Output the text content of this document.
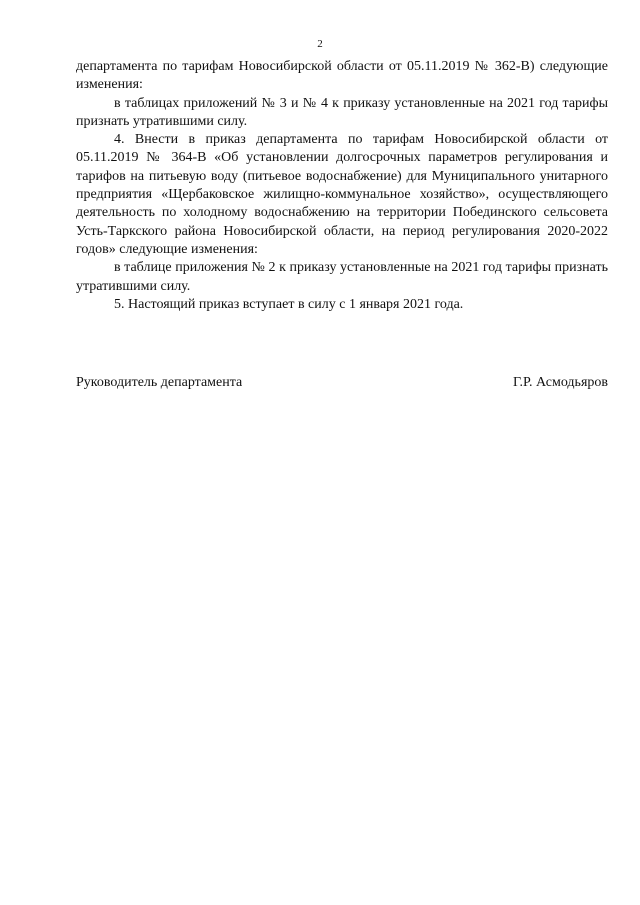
2

департамента по тарифам Новосибирской области от 05.11.2019 № 362-В) следующие изменения:

в таблицах приложений № 3 и № 4 к приказу установленные на 2021 год тарифы признать утратившими силу.

4. Внести в приказ департамента по тарифам Новосибирской области от 05.11.2019 № 364-В «Об установлении долгосрочных параметров регулирования и тарифов на питьевую воду (питьевое водоснабжение) для Муниципального унитарного предприятия «Щербаковское жилищно-коммунальное хозяйство», осуществляющего деятельность по холодному водоснабжению на территории Побединского сельсовета Усть-Таркского района Новосибирской области, на период регулирования 2020-2022 годов» следующие изменения:

в таблице приложения № 2 к приказу установленные на 2021 год тарифы признать утратившими силу.

5. Настоящий приказ вступает в силу с 1 января 2021 года.

Руководитель департамента	Г.Р. Асмодьяров
